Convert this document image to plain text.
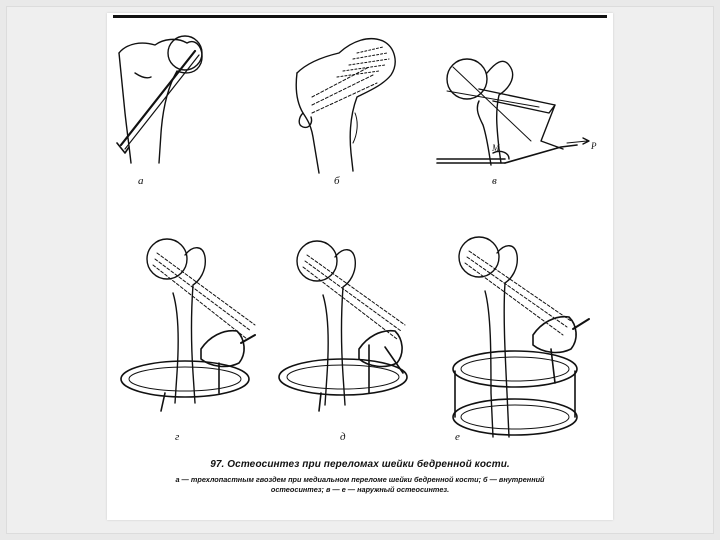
а	б	в
M	P
г	д	е
97. Остеосинтез при переломах шейки бедренной кости.
а — трехлопастным гвоздем при медиальном переломе шейки бедренной кости; б — внутренний
остеосинтез; в — е — наружный остеосинтез.
